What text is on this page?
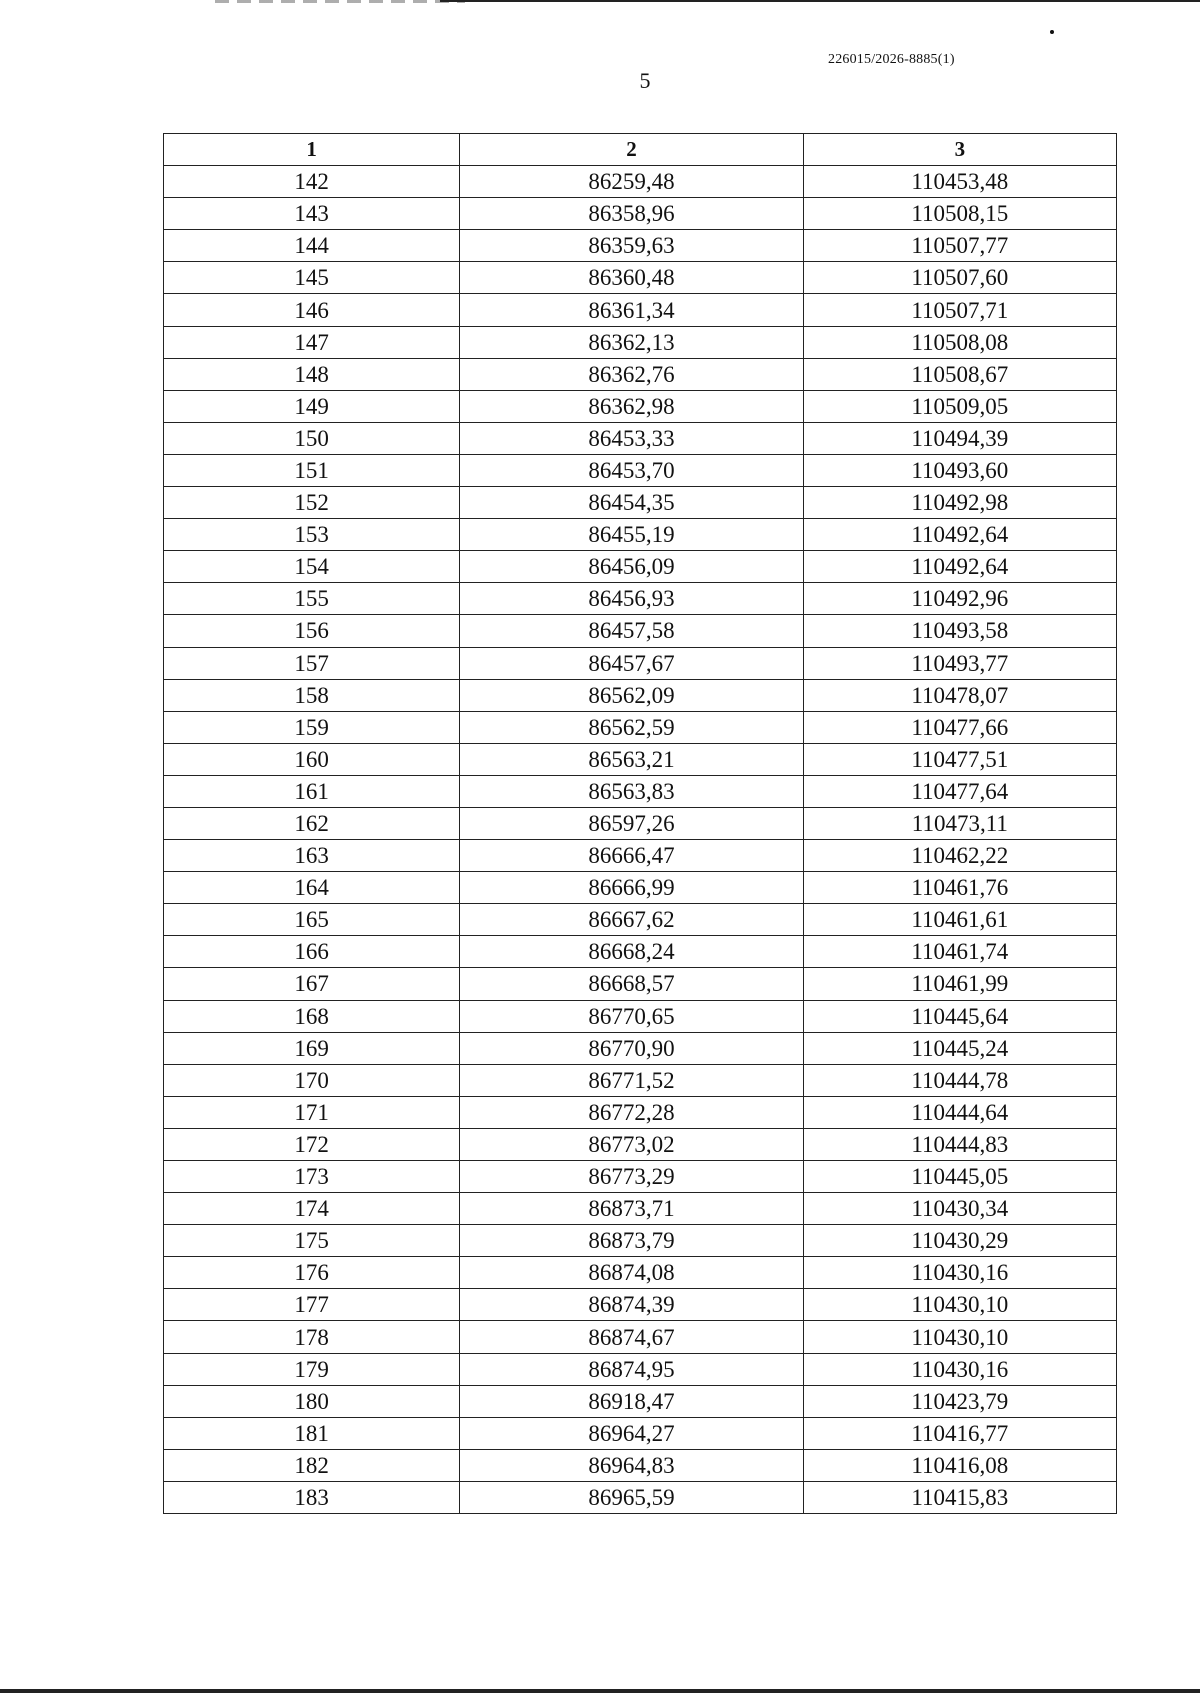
226015/2026-8885(1)
5
1	2	3
142	86259,48	110453,48
143	86358,96	110508,15
144	86359,63	110507,77
145	86360,48	110507,60
146	86361,34	110507,71
147	86362,13	110508,08
148	86362,76	110508,67
149	86362,98	110509,05
150	86453,33	110494,39
151	86453,70	110493,60
152	86454,35	110492,98
153	86455,19	110492,64
154	86456,09	110492,64
155	86456,93	110492,96
156	86457,58	110493,58
157	86457,67	110493,77
158	86562,09	110478,07
159	86562,59	110477,66
160	86563,21	110477,51
161	86563,83	110477,64
162	86597,26	110473,11
163	86666,47	110462,22
164	86666,99	110461,76
165	86667,62	110461,61
166	86668,24	110461,74
167	86668,57	110461,99
168	86770,65	110445,64
169	86770,90	110445,24
170	86771,52	110444,78
171	86772,28	110444,64
172	86773,02	110444,83
173	86773,29	110445,05
174	86873,71	110430,34
175	86873,79	110430,29
176	86874,08	110430,16
177	86874,39	110430,10
178	86874,67	110430,10
179	86874,95	110430,16
180	86918,47	110423,79
181	86964,27	110416,77
182	86964,83	110416,08
183	86965,59	110415,83
